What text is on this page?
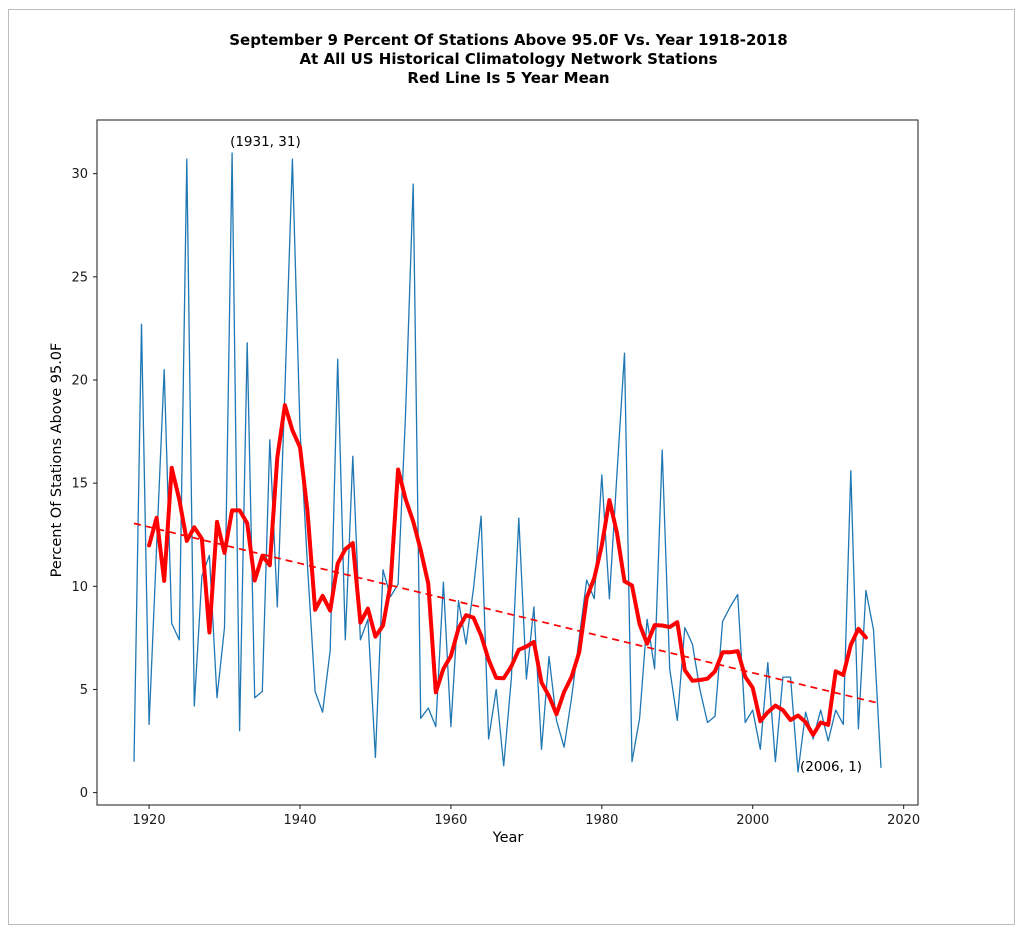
September 9 Percent Of Stations Above 95.0F Vs. Year 1918-2018
At All US Historical Climatology Network Stations
Red Line Is 5 Year Mean
1920	1940	1960	1980	2000	2020
0
5
10
15
20
25
30
Percent Of Stations Above 95.0F
Year
(1931, 31)
(2006, 1)
